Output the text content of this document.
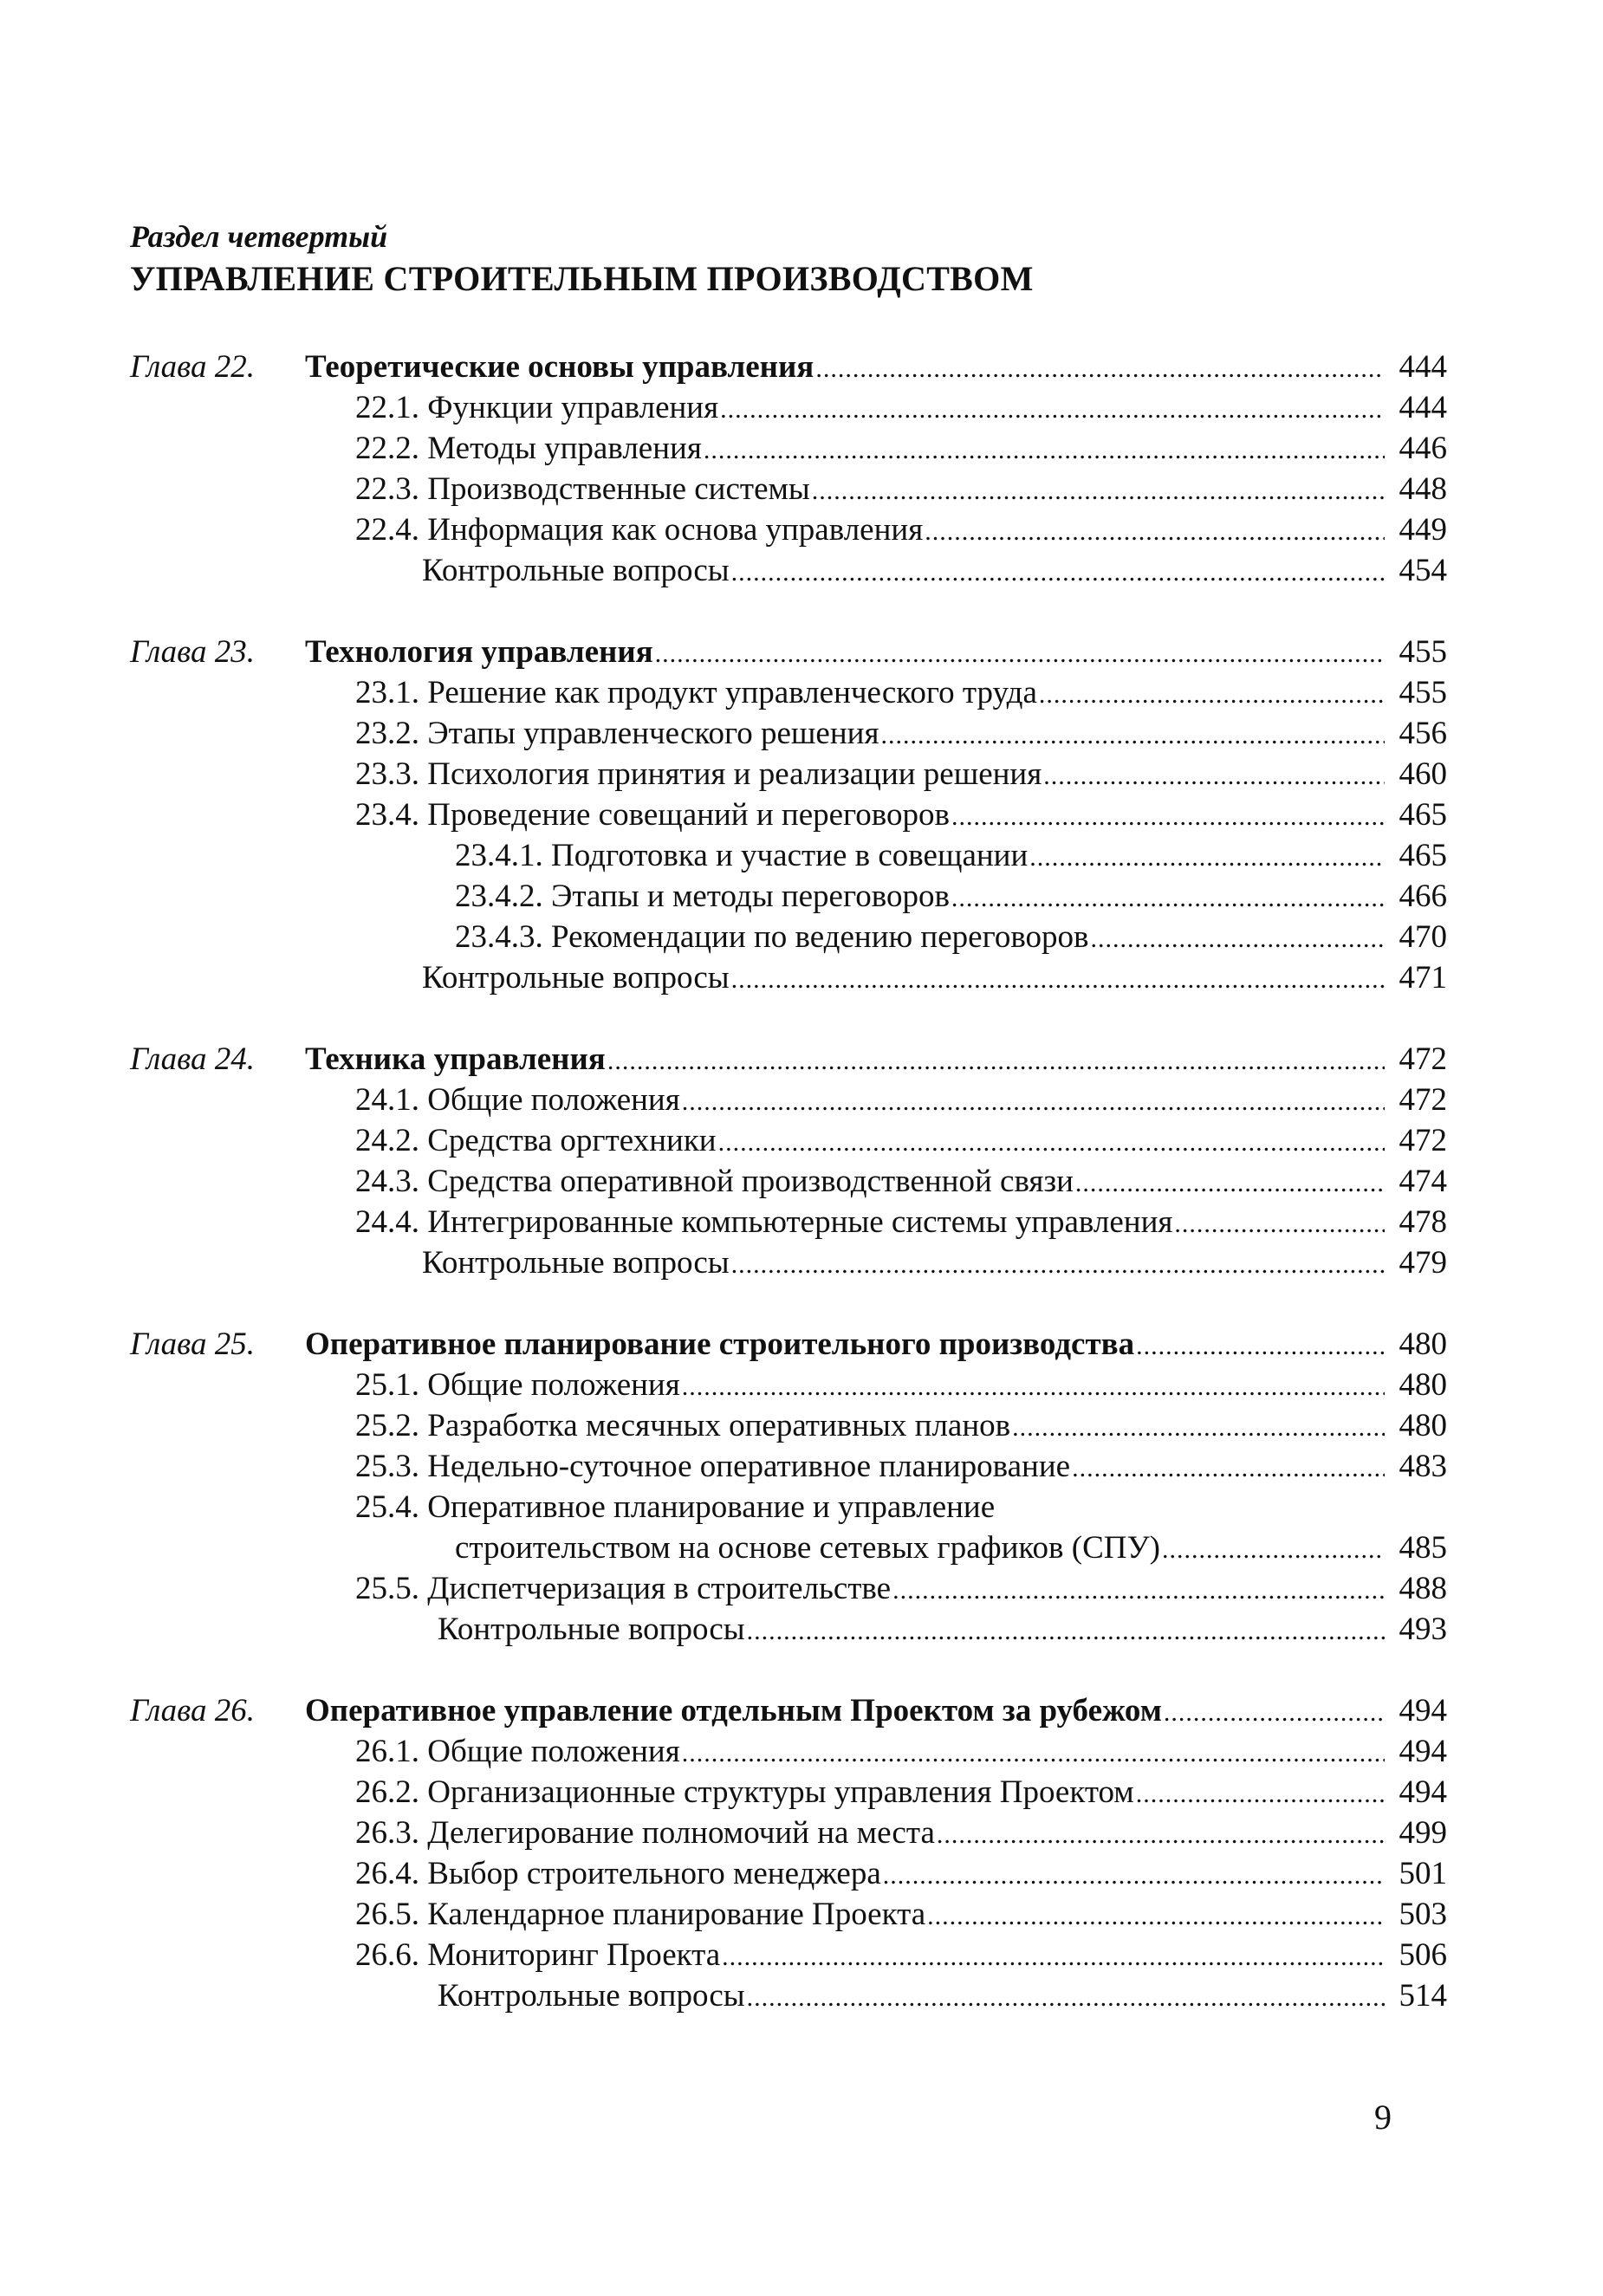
Раздел четвертый
УПРАВЛЕНИЕ СТРОИТЕЛЬНЫМ ПРОИЗВОДСТВОМ
Глава 22. Теоретические основы управления .....	444
22.1. Функции управления .....	444
22.2. Методы управления .....	446
22.3. Производственные системы .....	448
22.4. Информация как основа управления .....	449
Контрольные вопросы .....	454
Глава 23. Технология управления .....	455
23.1. Решение как продукт управленческого труда .....	455
23.2. Этапы управленческого решения .....	456
23.3. Психология принятия и реализации решения .....	460
23.4. Проведение совещаний и переговоров .....	465
23.4.1. Подготовка и участие в совещании .....	465
23.4.2. Этапы и методы переговоров .....	466
23.4.3. Рекомендации по ведению переговоров .....	470
Контрольные вопросы .....	471
Глава 24. Техника управления .....	472
24.1. Общие положения .....	472
24.2. Средства оргтехники .....	472
24.3. Средства оперативной производственной связи .....	474
24.4. Интегрированные компьютерные системы управления .....	478
Контрольные вопросы .....	479
Глава 25. Оперативное планирование строительного производства .....	480
25.1. Общие положения .....	480
25.2. Разработка месячных оперативных планов .....	480
25.3. Недельно-суточное оперативное планирование .....	483
25.4. Оперативное планирование и управление
строительством на основе сетевых графиков (СПУ) .....	485
25.5. Диспетчеризация в строительстве .....	488
Контрольные вопросы .....	493
Глава 26. Оперативное управление отдельным Проектом за рубежом .....	494
26.1. Общие положения .....	494
26.2. Организационные структуры управления Проектом .....	494
26.3. Делегирование полномочий на места .....	499
26.4. Выбор строительного менеджера .....	501
26.5. Календарное планирование Проекта .....	503
26.6. Мониторинг Проекта .....	506
Контрольные вопросы .....	514
9
